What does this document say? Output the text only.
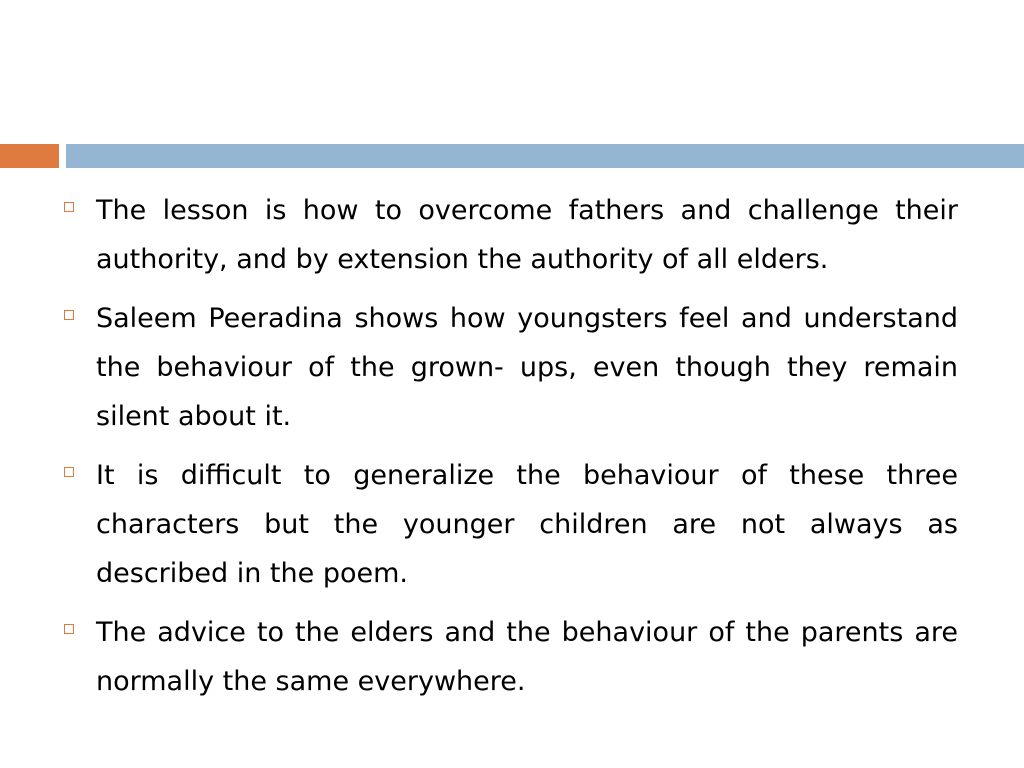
The lesson is how to overcome fathers and challenge their authority, and by extension the authority of all elders.
Saleem Peeradina shows how youngsters feel and understand the behaviour of the grown- ups, even though they remain silent about it.
It is difficult to generalize the behaviour of these three characters but the younger children are not always as described in the poem.
The advice to the elders and the behaviour of the parents are normally the same everywhere.
